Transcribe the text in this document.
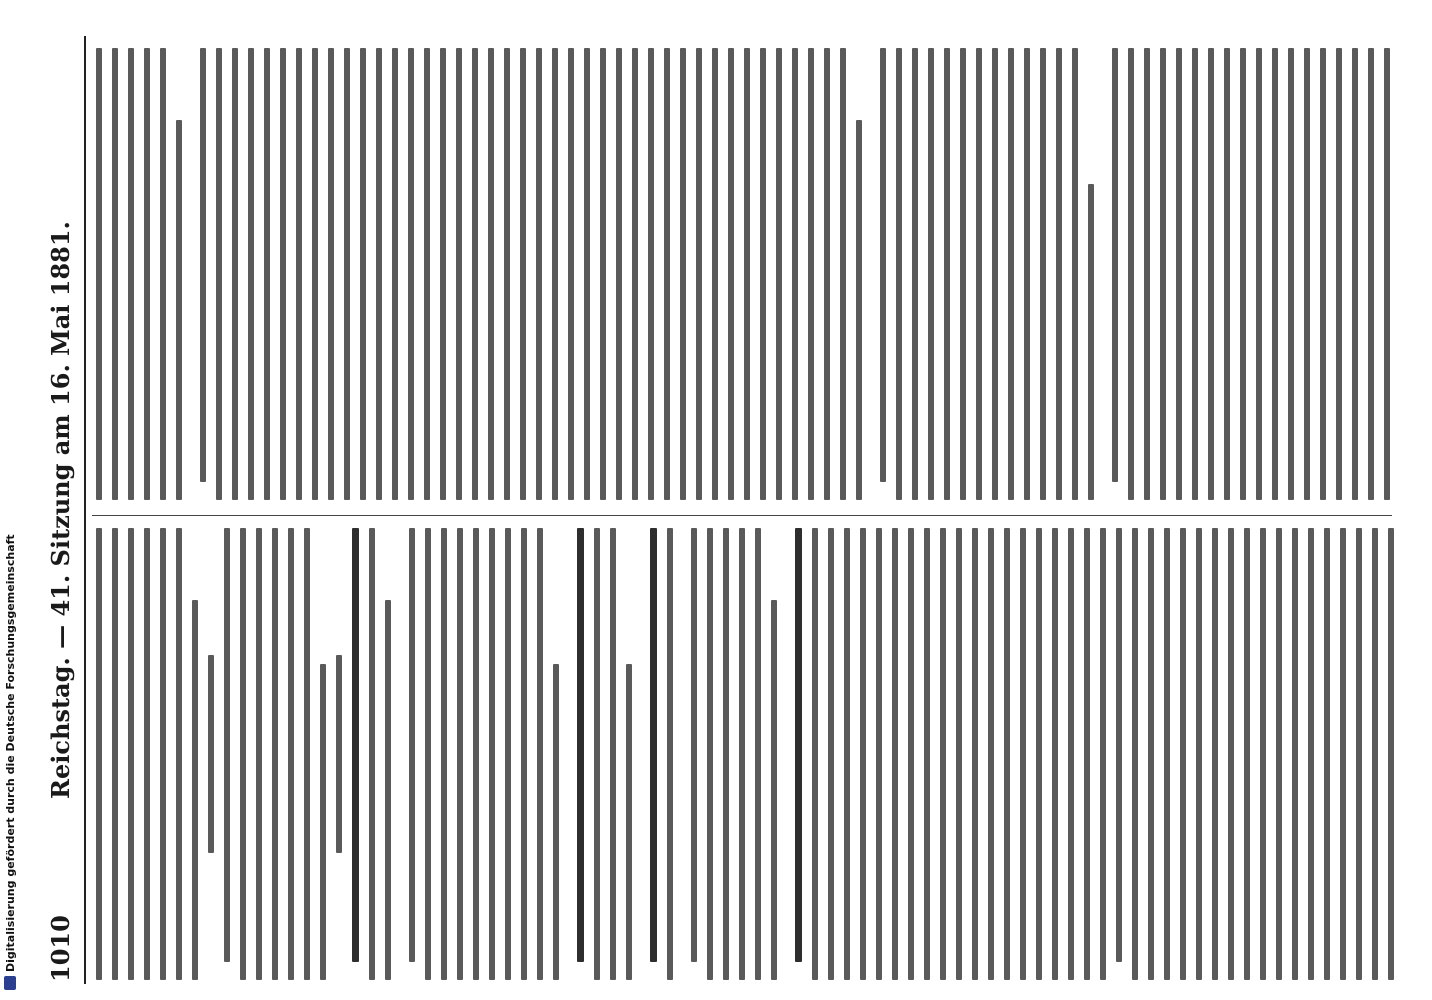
1010
Reichstag. — 41. Sitzung am 16. Mai 1881.
Digitalisierung gefördert durch die Deutsche Forschungsgemeinschaft
